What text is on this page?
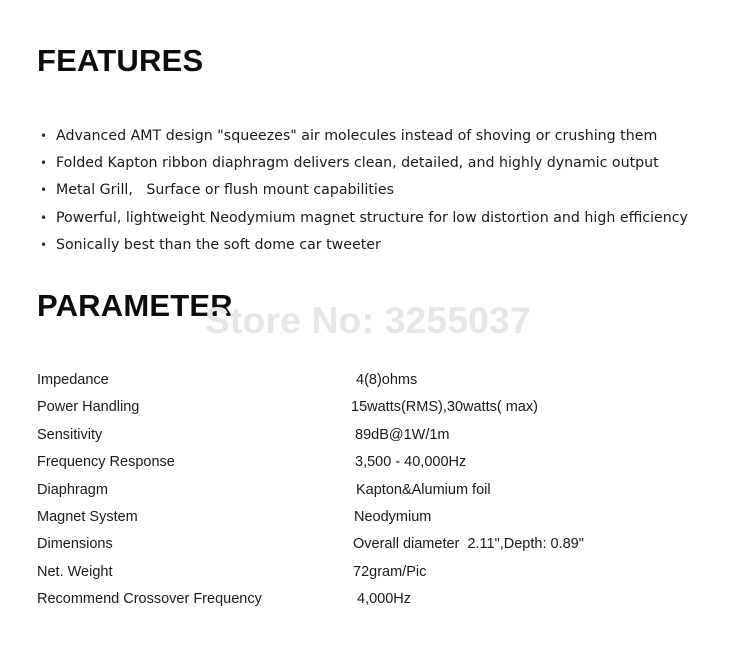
FEATURES
• Advanced AMT design "squeezes" air molecules instead of shoving or crushing them
• Folded Kapton ribbon diaphragm delivers clean, detailed, and highly dynamic output
• Metal Grill,   Surface or flush mount capabilities
• Powerful, lightweight Neodymium magnet structure for low distortion and high efficiency
• Sonically best than the soft dome car tweeter
PARAMETER
Store No: 3255037
Impedance	4(8)ohms
Power Handling	15watts(RMS),30watts( max)
Sensitivity	89dB@1W/1m
Frequency Response	3,500 - 40,000Hz
Diaphragm	Kapton&Alumium foil
Magnet System	Neodymium
Dimensions	Overall diameter  2.11",Depth: 0.89"
Net. Weight	72gram/Pic
Recommend Crossover Frequency	4,000Hz
